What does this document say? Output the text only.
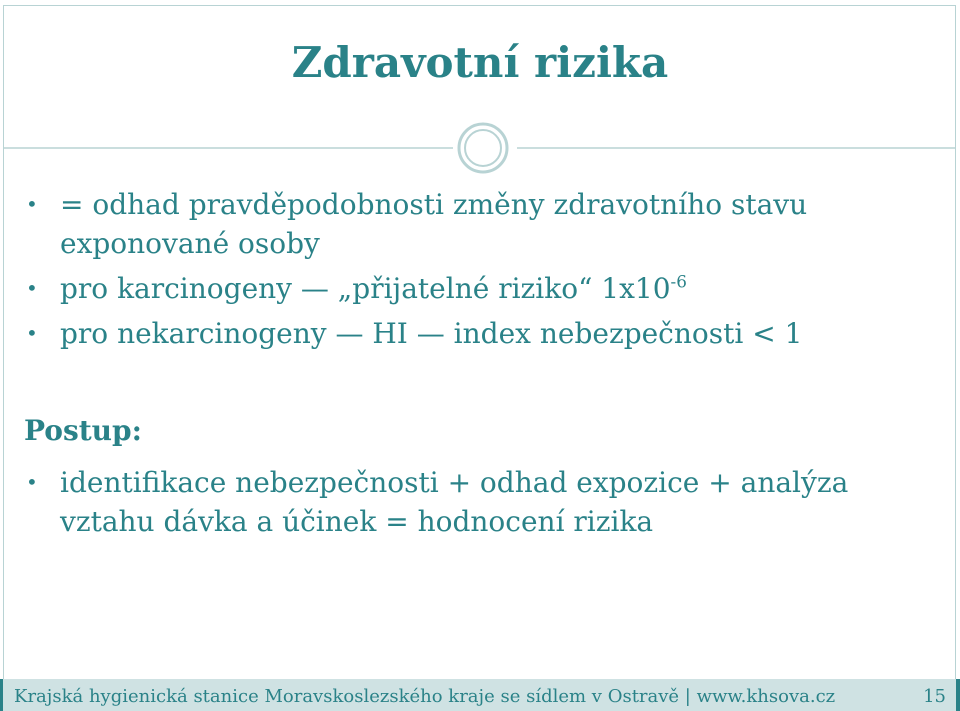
Zdravotní rizika
• = odhad pravděpodobnosti změny zdravotního stavu exponované osoby
• pro karcinogeny — „přijatelné riziko“ $1x10^{-6}$
• pro nekarcinogeny — HI — index nebezpečnosti < 1
Postup:
• identifikace nebezpečnosti + odhad expozice + analýza vztahu dávka a účinek = hodnocení rizika
Krajská hygienická stanice Moravskoslezského kraje se sídlem v Ostravě | www.khsova.cz	15
